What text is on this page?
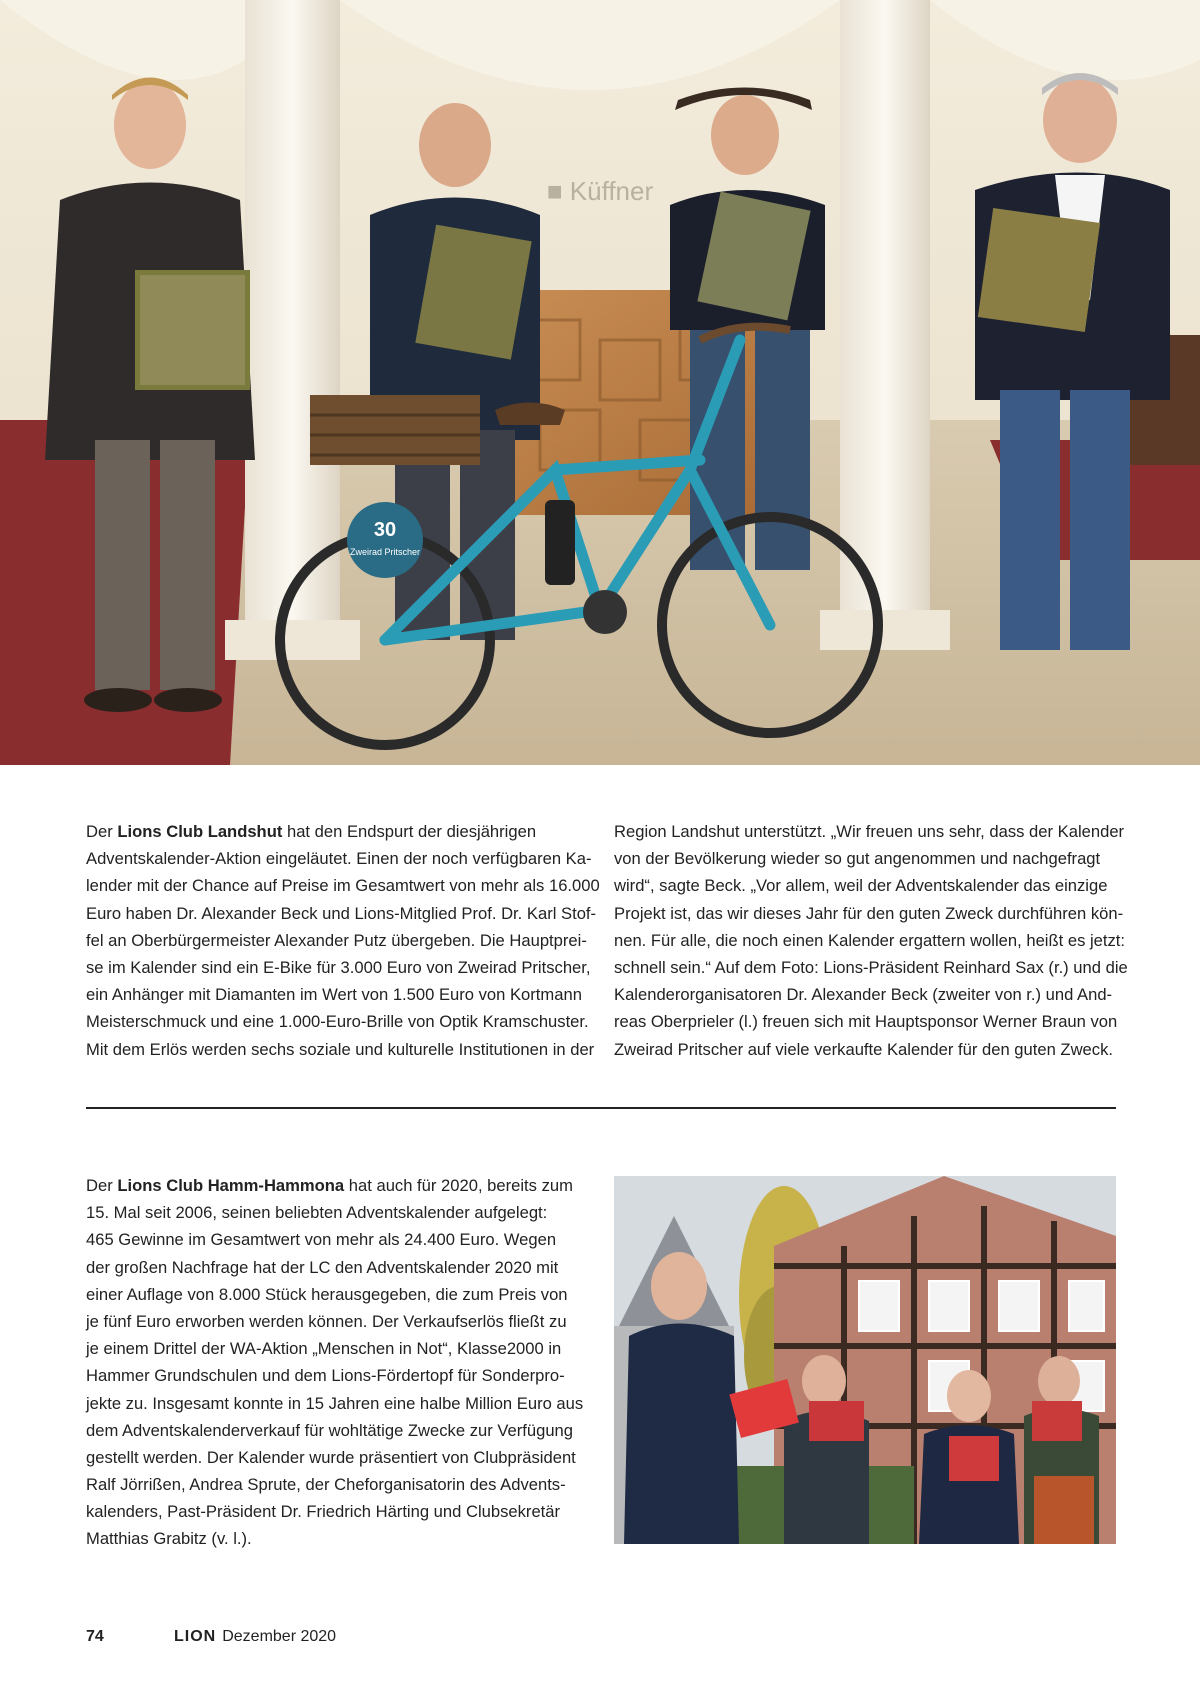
■ Küffner
30
Zweirad Pritscher
Der Lions Club Landshut hat den Endspurt der diesjährigen
Adventskalender-Aktion eingeläutet. Einen der noch verfügbaren Ka-
lender mit der Chance auf Preise im Gesamtwert von mehr als 16.000
Euro haben Dr. Alexander Beck und Lions-Mitglied Prof. Dr. Karl Stof-
fel an Oberbürgermeister Alexander Putz übergeben. Die Hauptprei-
se im Kalender sind ein E-Bike für 3.000 Euro von Zweirad Pritscher,
ein Anhänger mit Diamanten im Wert von 1.500 Euro von Kortmann
Meisterschmuck und eine 1.000-Euro-Brille von Optik Kramschuster.
Mit dem Erlös werden sechs soziale und kulturelle Institutionen in der
Region Landshut unterstützt. „Wir freuen uns sehr, dass der Kalender
von der Bevölkerung wieder so gut angenommen und nachgefragt
wird“, sagte Beck. „Vor allem, weil der Adventskalender das einzige
Projekt ist, das wir dieses Jahr für den guten Zweck durchführen kön-
nen. Für alle, die noch einen Kalender ergattern wollen, heißt es jetzt:
schnell sein.“ Auf dem Foto: Lions-Präsident Reinhard Sax (r.) und die
Kalenderorganisatoren Dr. Alexander Beck (zweiter von r.) und And-
reas Oberprieler (l.) freuen sich mit Hauptsponsor Werner Braun von
Zweirad Pritscher auf viele verkaufte Kalender für den guten Zweck.
Der Lions Club Hamm-Hammona hat auch für 2020, bereits zum
15. Mal seit 2006, seinen beliebten Adventskalender aufgelegt:
465 Gewinne im Gesamtwert von mehr als 24.400 Euro. Wegen
der großen Nachfrage hat der LC den Adventskalender 2020 mit
einer Auflage von 8.000 Stück herausgegeben, die zum Preis von
je fünf Euro erworben werden können. Der Verkaufserlös fließt zu
je einem Drittel der WA-Aktion „Menschen in Not“, Klasse2000 in
Hammer Grundschulen und dem Lions-Fördertopf für Sonderpro-
jekte zu. Insgesamt konnte in 15 Jahren eine halbe Million Euro aus
dem Adventskalenderverkauf für wohltätige Zwecke zur Verfügung
gestellt werden. Der Kalender wurde präsentiert von Clubpräsident
Ralf Jörrißen, Andrea Sprute, der Cheforganisatorin des Advents-
kalenders, Past-Präsident Dr. Friedrich Härting und Clubsekretär
Matthias Grabitz (v. l.).
74	LION Dezember 2020
